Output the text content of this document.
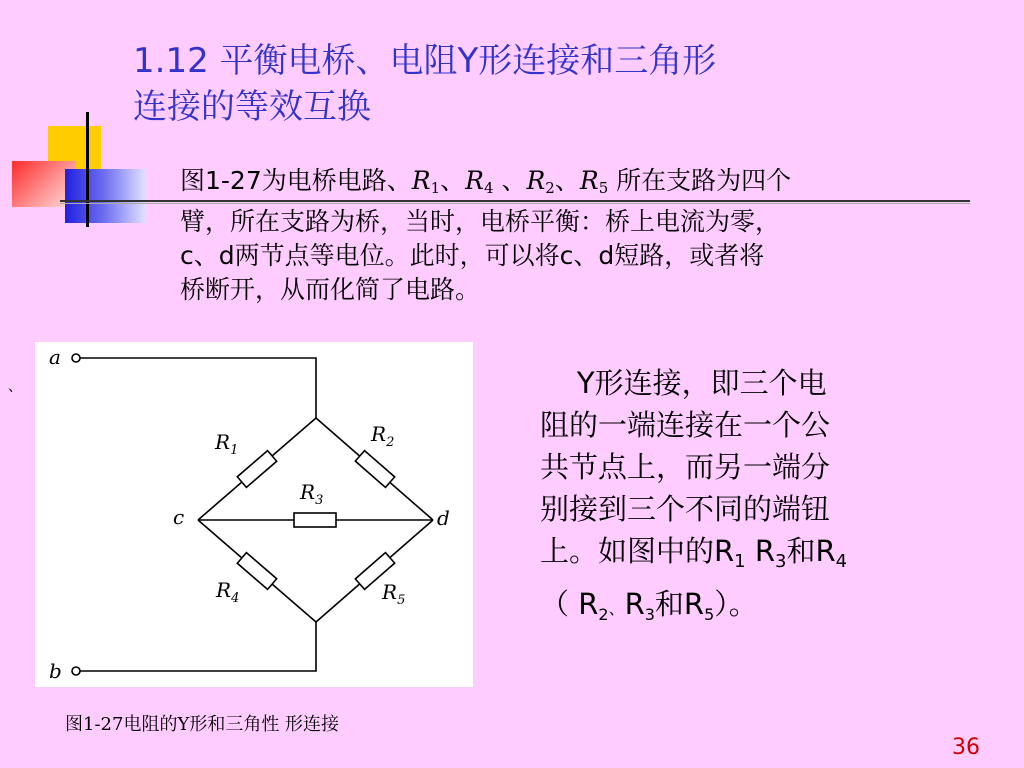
1.12 平衡电桥、电阻Y形连接和三角形
连接的等效互换
图1-27为电桥电路、$R_1$、$R_4$ 、$R_2$、$R_5$ 所在支路为四个
臂，所在支路为桥，当时，电桥平衡：桥上电流为零，
c、d两节点等电位。此时，可以将c、d短路，或者将
桥断开，从而化简了电路。
、
a
b
c	d
$R_1$
$R_2$
$R_3$
$R_4$	$R_5$
Y形连接，即三个电
阻的一端连接在一个公
共节点上，而另一端分
别接到三个不同的端钮
上。如图中的$R_1$ $R_3$和$R_4$
（ $R_2$、$R_3$和$R_5$）。
图1-27电阻的Y形和三角性 形连接
36
